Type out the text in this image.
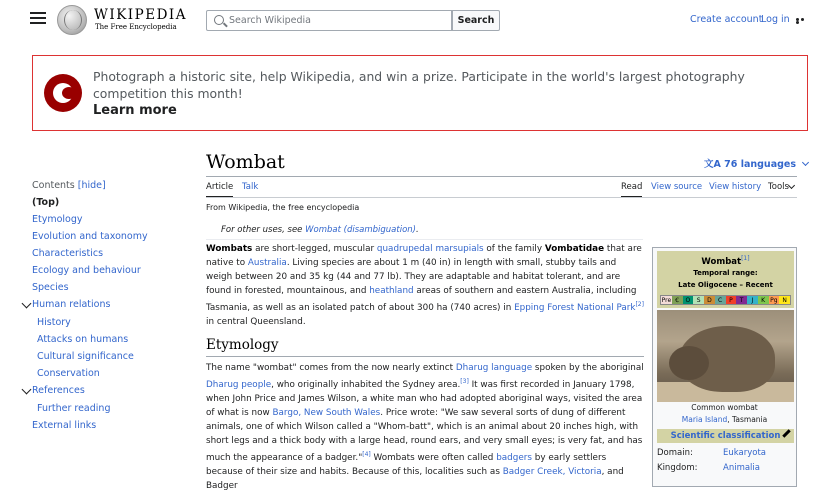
WIKIPEDIA
The Free Encyclopedia
Search Wikipedia
Search	Create account
Log in
Photograph a historic site, help Wikipedia, and win a prize. Participate in the world's largest photography competition this month!
Learn more
Contents [hide]
(Top)
Etymology
Evolution and taxonomy
Characteristics
Ecology and behaviour
Species
Human relations
History
Attacks on humans
Cultural significance
Conservation
References
Further reading
External links
Wombat	文A 76 languages
Article Talk	Read View source View history Tools
From Wikipedia, the free encyclopedia
For other uses, see Wombat (disambiguation).
Wombats are short-legged, muscular quadrupedal marsupials of the family Vombatidae that are native to Australia. Living species are about 1 m (40 in) in length with small, stubby tails and weigh between 20 and 35 kg (44 and 77 lb). They are adaptable and habitat tolerant, and are found in forested, mountainous, and heathland areas of southern and eastern Australia, including Tasmania, as well as an isolated patch of about 300 ha (740 acres) in Epping Forest National Park[2] in central Queensland.
Etymology
The name "wombat" comes from the now nearly extinct Dharug language spoken by the aboriginal Dharug people, who originally inhabited the Sydney area.[3] It was first recorded in January 1798, when John Price and James Wilson, a white man who had adopted aboriginal ways, visited the area of what is now Bargo, New South Wales. Price wrote: "We saw several sorts of dung of different animals, one of which Wilson called a "Whom-batt", which is an animal about 20 inches high, with short legs and a thick body with a large head, round ears, and very small eyes; is very fat, and has much the appearance of a badger."[4] Wombats were often called badgers by early settlers because of their size and habits. Because of this, localities such as Badger Creek, Victoria, and Badger
Wombat[1]
Temporal range:
Late Oligocene – Recent
Pre Ꞓ	O	S	D	C	P	T	J	K Pg N
Common wombat
Maria Island, Tasmania
Scientific classification
Domain:	Eukaryota
Kingdom:	Animalia
